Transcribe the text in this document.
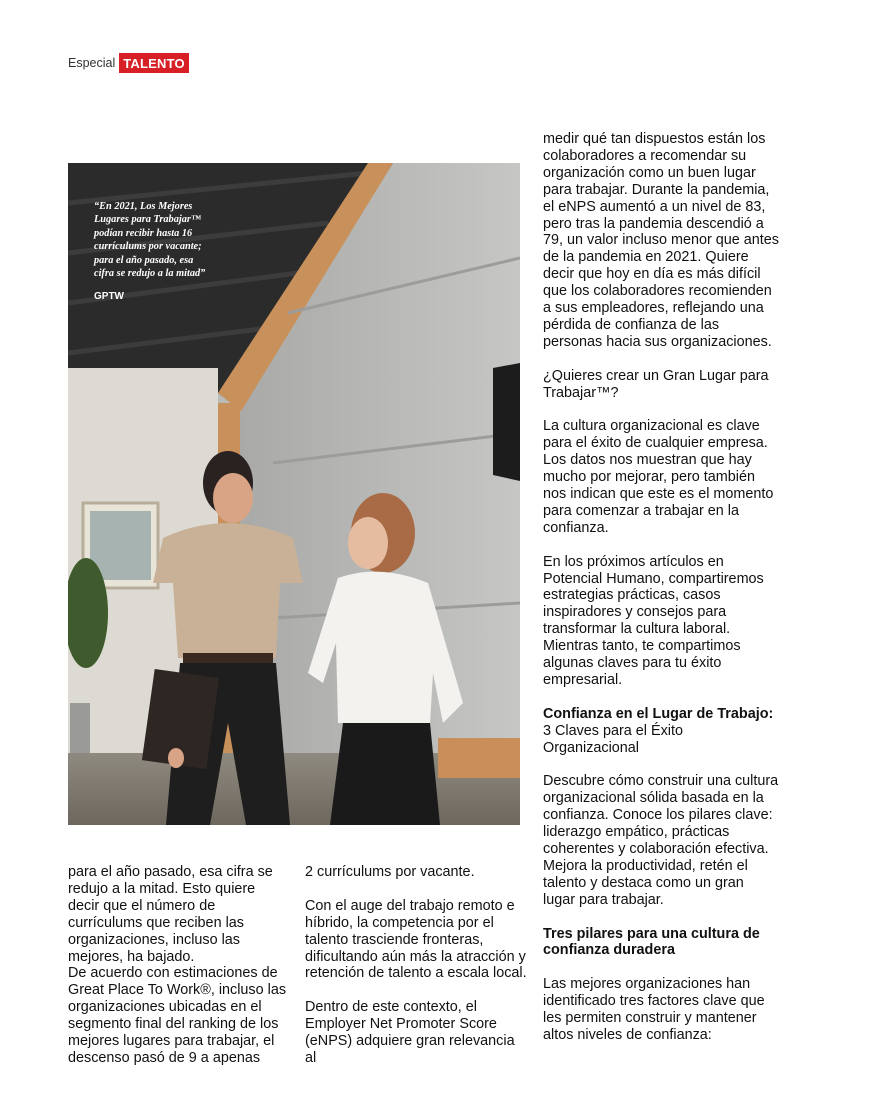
Especial TALENTO
“En 2021, Los Mejores Lugares para Trabajar™ podían recibir hasta 16 currículums por vacante; para el año pasado, esa cifra se redujo a la mitad”
GPTW

para el año pasado, esa cifra se redujo a la mitad. Esto quiere decir que el número de currículums que reciben las organizaciones, incluso las mejores, ha bajado.
De acuerdo con estimaciones de Great Place To Work®, incluso las organizaciones ubicadas en el segmento final del ranking de los mejores lugares para trabajar, el descenso pasó de 9 a apenas

2 currículums por vacante.

Con el auge del trabajo remoto e híbrido, la competencia por el talento trasciende fronteras, dificultando aún más la atracción y retención de talento a escala local.

Dentro de este contexto, el Employer Net Promoter Score (eNPS) adquiere gran relevancia al

medir qué tan dispuestos están los colaboradores a recomendar su organización como un buen lugar para trabajar. Durante la pandemia, el eNPS aumentó a un nivel de 83, pero tras la pandemia descendió a 79, un valor incluso menor que antes de la pandemia en 2021. Quiere decir que hoy en día es más difícil que los colaboradores recomienden a sus empleadores, reflejando una pérdida de confianza de las personas hacia sus organizaciones.

¿Quieres crear un Gran Lugar para Trabajar™?

La cultura organizacional es clave para el éxito de cualquier empresa. Los datos nos muestran que hay mucho por mejorar, pero también nos indican que este es el momento para comenzar a trabajar en la confianza.

En los próximos artículos en Potencial Humano, compartiremos estrategias prácticas, casos inspiradores y consejos para transformar la cultura laboral. Mientras tanto, te compartimos algunas claves para tu éxito empresarial.

Confianza en el Lugar de Trabajo: 3 Claves para el Éxito Organizacional

Descubre cómo construir una cultura organizacional sólida basada en la confianza. Conoce los pilares clave: liderazgo empático, prácticas coherentes y colaboración efectiva. Mejora la productividad, retén el talento y destaca como un gran lugar para trabajar.

Tres pilares para una cultura de confianza duradera

Las mejores organizaciones han identificado tres factores clave que les permiten construir y mantener altos niveles de confianza:
